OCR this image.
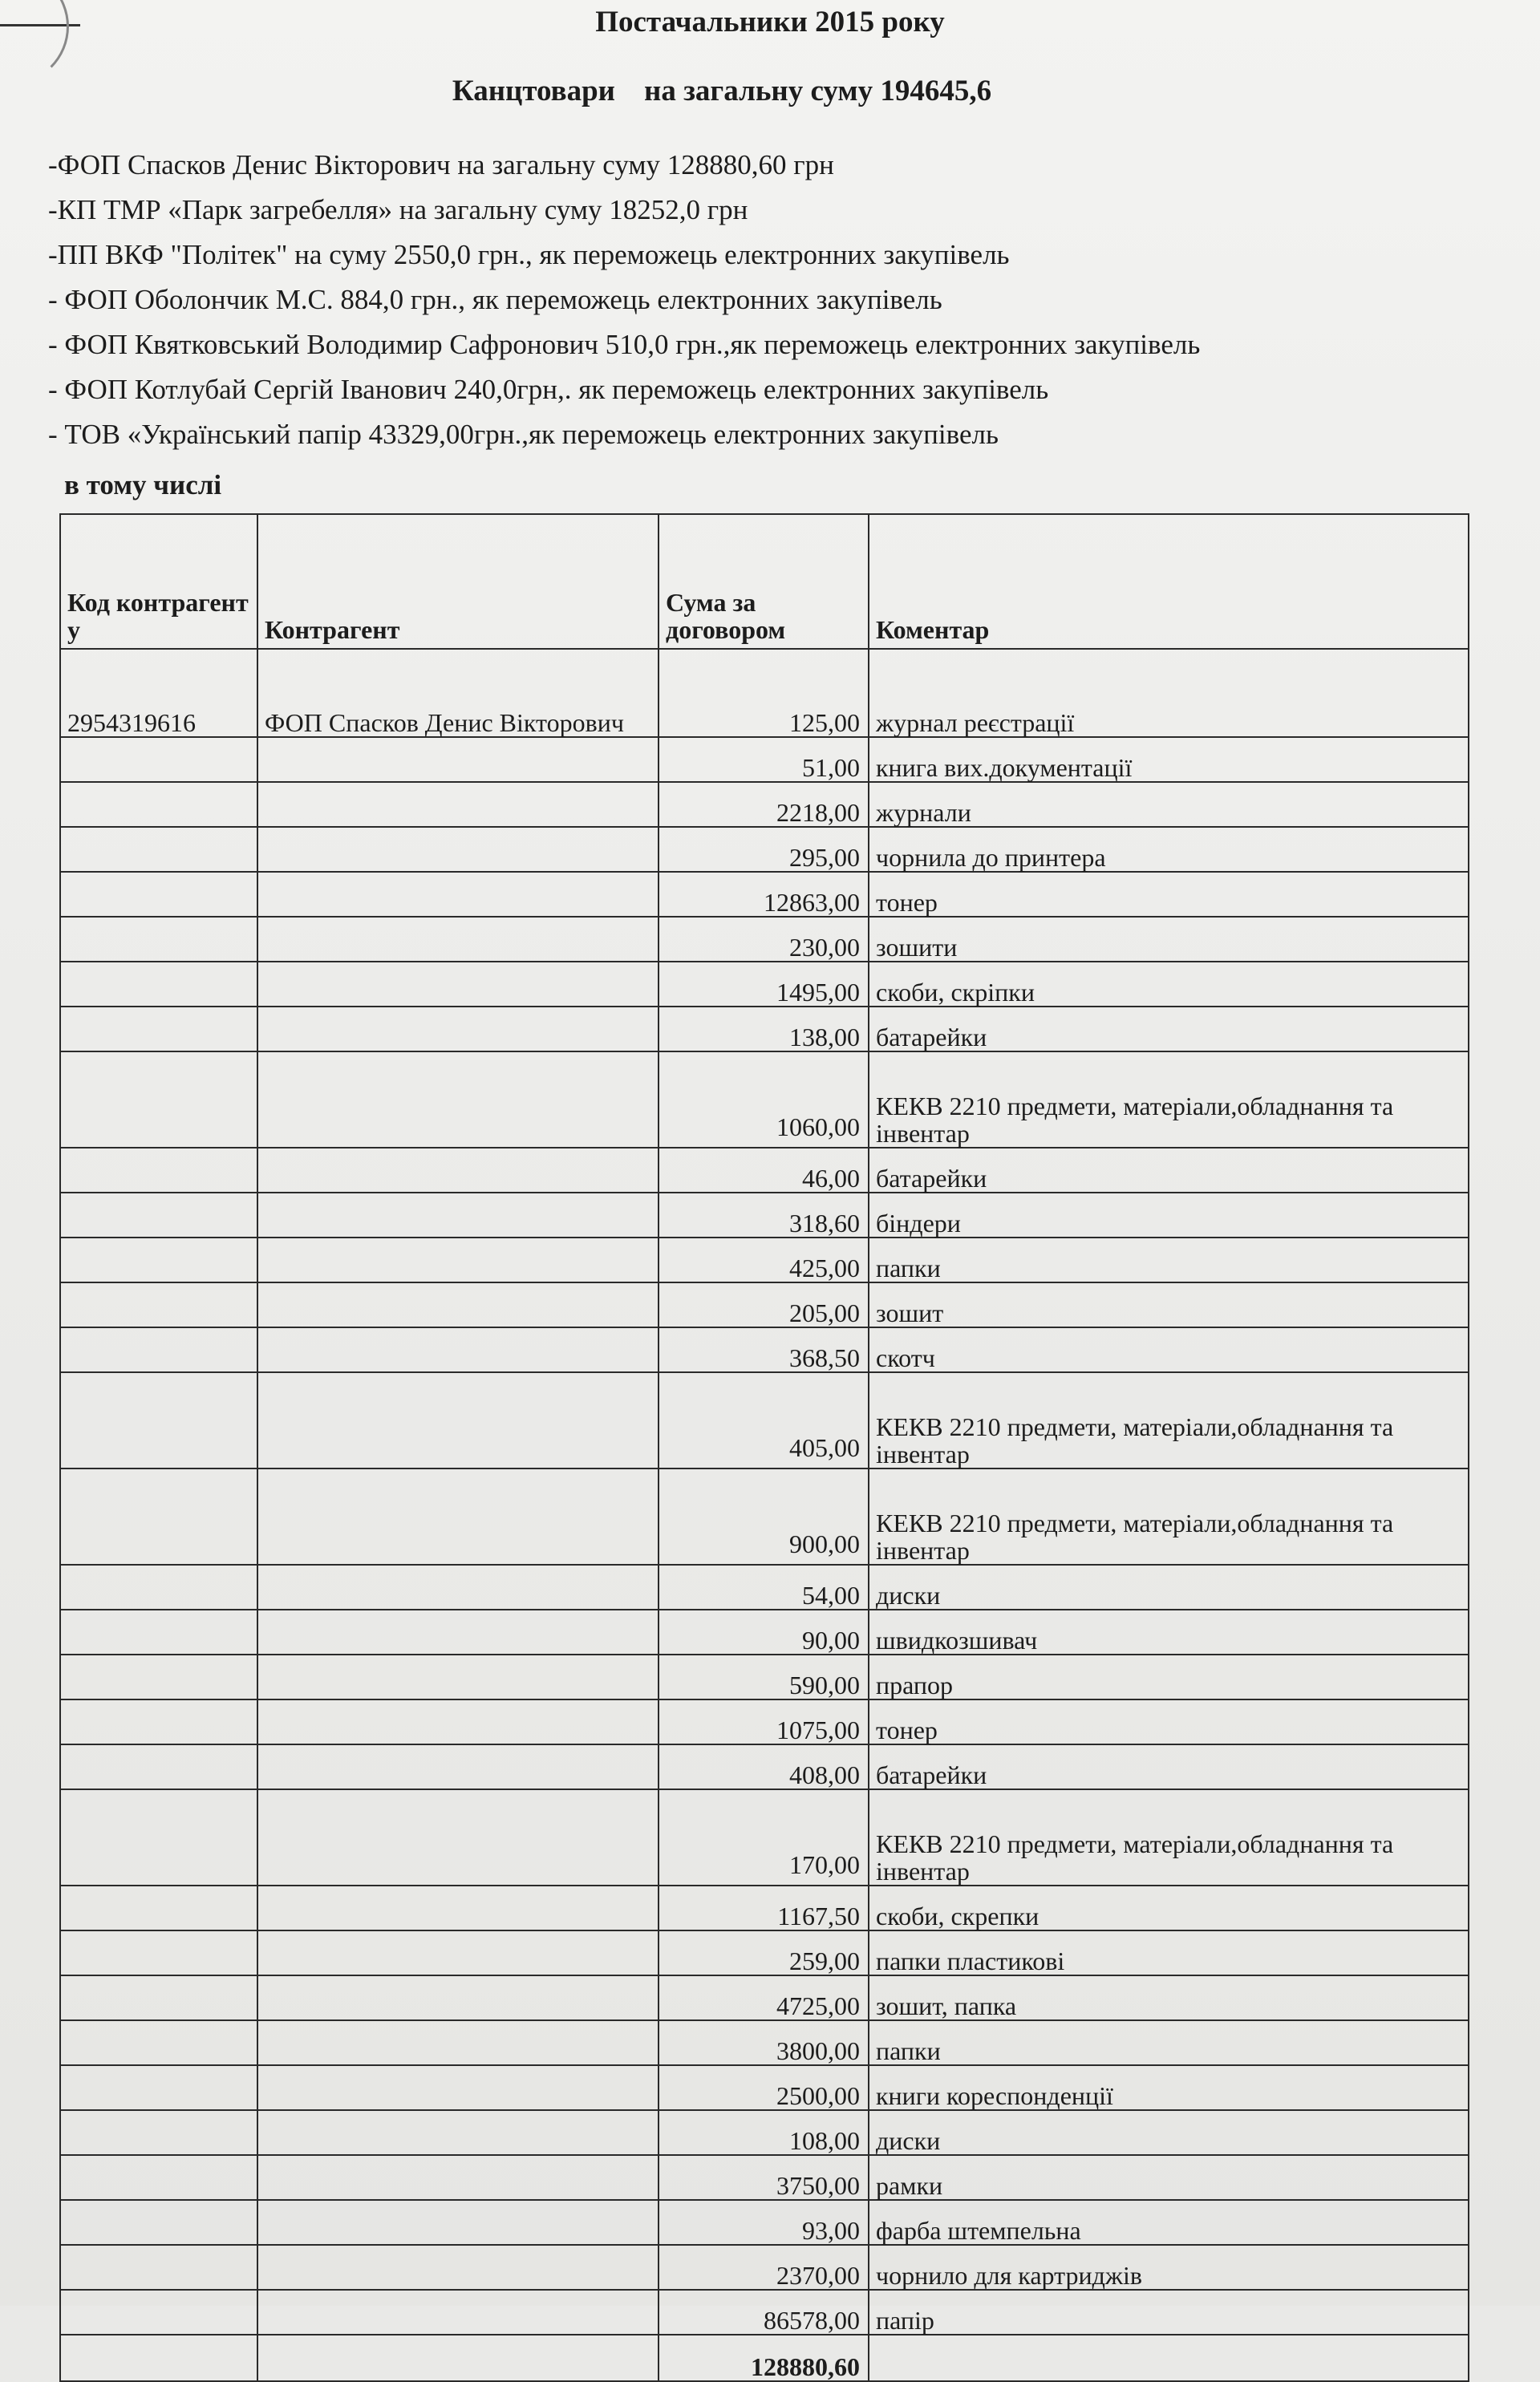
Постачальники 2015 року
Канцтовари на загальну суму 194645,6
-ФОП Спасков Денис Вікторович на загальну суму 128880,60 грн
-КП ТМР «Парк загребелля» на загальну суму 18252,0 грн
-ПП ВКФ "Політек" на суму 2550,0 грн., як переможець електронних закупівель
- ФОП Оболончик М.С. 884,0 грн., як переможець електронних закупівель
- ФОП Квятковський Володимир Сафронович 510,0 грн.,як переможець електронних закупівель
- ФОП Котлубай Сергій Іванович 240,0грн,. як переможець електронних закупівель
- ТОВ «Український папір 43329,00грн.,як переможець електронних закупівель
в тому числі
Код контрагент у	Контрагент	Сума за договором	Коментар
2954319616	ФОП Спасков Денис Вікторович	125,00	журнал реєстрації
		51,00	книга вих.документації
		2218,00	журнали
		295,00	чорнила до принтера
		12863,00	тонер
		230,00	зошити
		1495,00	скоби, скріпки
		138,00	батарейки
		1060,00	КЕКВ 2210 предмети, матеріали,обладнання та інвентар
		46,00	батарейки
		318,60	біндери
		425,00	папки
		205,00	зошит
		368,50	скотч
		405,00	КЕКВ 2210 предмети, матеріали,обладнання та інвентар
		900,00	КЕКВ 2210 предмети, матеріали,обладнання та інвентар
		54,00	диски
		90,00	швидкозшивач
		590,00	прапор
		1075,00	тонер
		408,00	батарейки
		170,00	КЕКВ 2210 предмети, матеріали,обладнання та інвентар
		1167,50	скоби, скрепки
		259,00	папки пластикові
		4725,00	зошит, папка
		3800,00	папки
		2500,00	книги кореспонденції
		108,00	диски
		3750,00	рамки
		93,00	фарба штемпельна
		2370,00	чорнило для картриджів
		86578,00	папір
		128880,60	
